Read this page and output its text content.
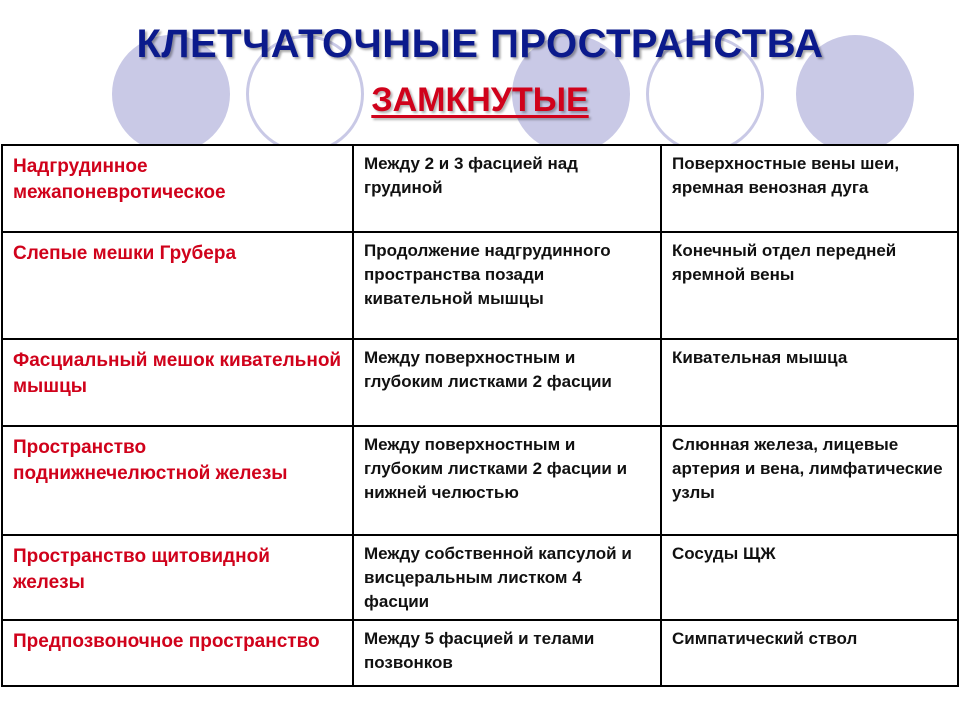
КЛЕТЧАТОЧНЫЕ ПРОСТРАНСТВА
ЗАМКНУТЫЕ
Надгрудинное межапоневротическое	Между 2 и 3 фасцией над грудиной	Поверхностные вены шеи, яремная венозная дуга
Слепые мешки Грубера	Продолжение надгрудинного пространства позади кивательной мышцы	Конечный отдел передней яремной вены
Фасциальный мешок кивательной мышцы	Между поверхностным и глубоким листками 2 фасции	Кивательная мышца
Пространство поднижнечелюстной железы	Между поверхностным и глубоким листками 2 фасции и нижней челюстью	Слюнная железа, лицевые артерия и вена, лимфатические узлы
Пространство щитовидной железы	Между собственной капсулой и висцеральным листком 4 фасции	Сосуды ЩЖ
Предпозвоночное пространство	Между 5 фасцией и телами позвонков	Симпатический ствол
